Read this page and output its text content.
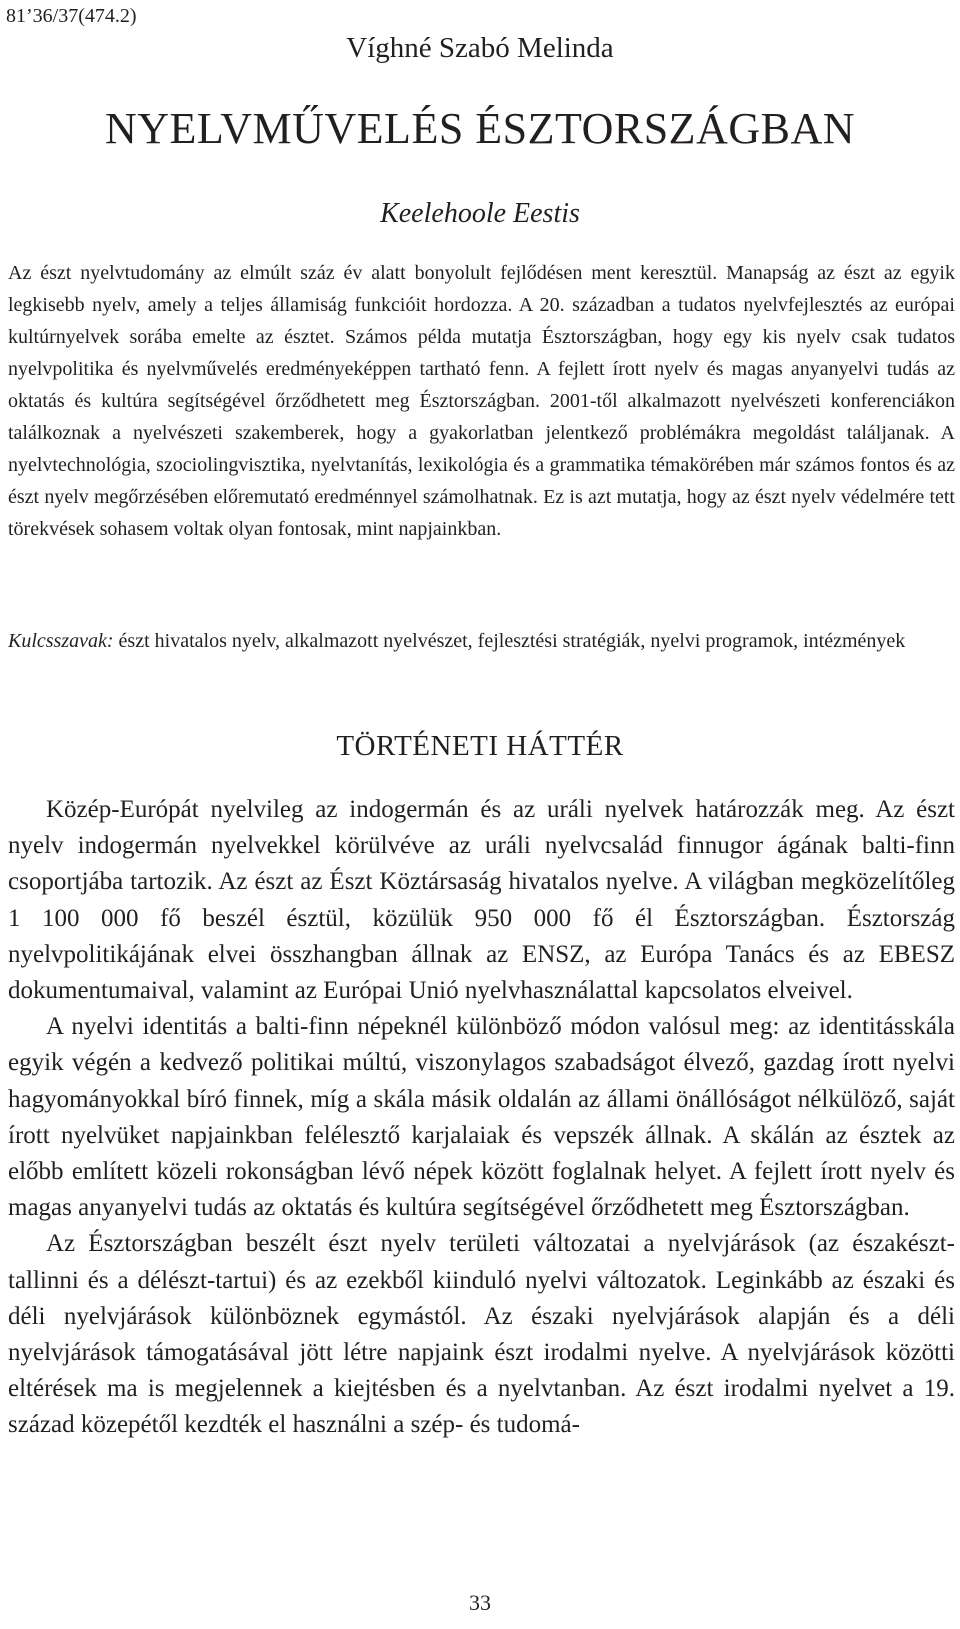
81’36/37(474.2)
Víghné Szabó Melinda
NYELVMŰVELÉS ÉSZTORSZÁGBAN
Keelehoole Eestis

Az észt nyelvtudomány az elmúlt száz év alatt bonyolult fejlődésen ment keresztül. Manapság az észt az egyik legkisebb nyelv, amely a teljes államiság funkcióit hordozza. A 20. században a tudatos nyelvfejlesztés az európai kultúrnyelvek sorába emelte az észtet. Számos példa mutatja Észtországban, hogy egy kis nyelv csak tudatos nyelvpolitika és nyelvművelés eredményeképpen tartható fenn. A fejlett írott nyelv és magas anyanyelvi tudás az oktatás és kultúra segítségével őrződhetett meg Észtországban. 2001-től alkalmazott nyelvészeti konferenciákon találkoznak a nyelvészeti szakemberek, hogy a gyakorlatban jelentkező problémákra megoldást találjanak. A nyelvtechnológia, szociolingvisztika, nyelvtanítás, lexikológia és a grammatika témakörében már számos fontos és az észt nyelv megőrzésében előremutató eredménnyel számolhatnak. Ez is azt mutatja, hogy az észt nyelv védelmére tett törekvések sohasem voltak olyan fontosak, mint napjainkban.

Kulcsszavak: észt hivatalos nyelv, alkalmazott nyelvészet, fejlesztési stratégiák, nyelvi programok, intézmények

TÖRTÉNETI HÁTTÉR

Közép-Európát nyelvileg az indogermán és az uráli nyelvek határozzák meg. Az észt nyelv indogermán nyelvekkel körülvéve az uráli nyelvcsalád finnugor ágának balti-finn csoportjába tartozik. Az észt az Észt Köztársaság hivatalos nyelve. A világban megközelítőleg 1 100 000 fő beszél észtül, közülük 950 000 fő él Észtországban. Észtország nyelvpolitikájának elvei összhangban állnak az ENSZ, az Európa Tanács és az EBESZ dokumentumaival, valamint az Európai Unió nyelvhasználattal kapcsolatos elveivel.

A nyelvi identitás a balti-finn népeknél különböző módon valósul meg: az identitásskála egyik végén a kedvező politikai múltú, viszonylagos szabadságot élvező, gazdag írott nyelvi hagyományokkal bíró finnek, míg a skála másik oldalán az állami önállóságot nélkülöző, saját írott nyelvüket napjainkban felélesztő karjalaiak és vepszék állnak. A skálán az észtek az előbb említett közeli rokonságban lévő népek között foglalnak helyet. A fejlett írott nyelv és magas anyanyelvi tudás az oktatás és kultúra segítségével őrződhetett meg Észtországban.

Az Észtországban beszélt észt nyelv területi változatai a nyelvjárások (az északészt-tallinni és a délészt-tartui) és az ezekből kiinduló nyelvi változatok. Leginkább az északi és déli nyelvjárások különböznek egymástól. Az északi nyelvjárások alapján és a déli nyelvjárások támogatásával jött létre napjaink észt irodalmi nyelve. A nyelvjárások közötti eltérések ma is megjelennek a kiejtésben és a nyelvtanban. Az észt irodalmi nyelvet a 19. század közepétől kezdték el használni a szép- és tudomá-

33
